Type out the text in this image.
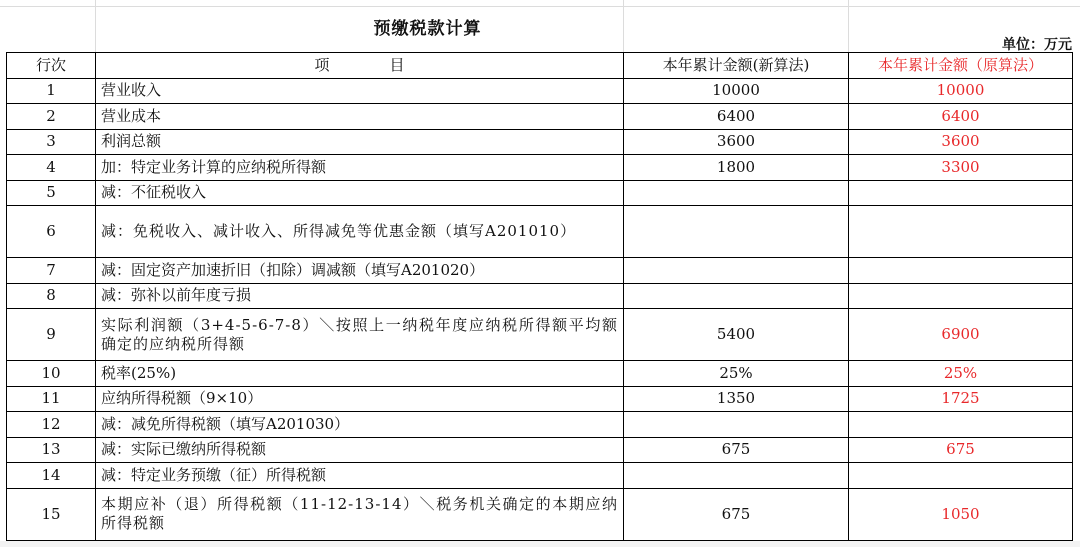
预缴税款计算
单位：万元
行次	项　　　　目	本年累计金额(新算法)	本年累计金额（原算法）
1	营业收入	10000	10000
2	营业成本	6400	6400
3	利润总额	3600	3600
4	加：特定业务计算的应纳税所得额	1800	3300
5	减：不征税收入		
6	减：免税收入、减计收入、所得减免等优惠金额（填写A201010）		
7	减：固定资产加速折旧（扣除）调减额（填写A201020）		
8	减：弥补以前年度亏损		
9	实际利润额（3+4-5-6-7-8）＼按照上一纳税年度应纳税所得额平均额确定的应纳税所得额	5400	6900
10	税率(25%)	25%	25%
11	应纳所得税额（9×10）	1350	1725
12	减：减免所得税额（填写A201030）		
13	减：实际已缴纳所得税额	675	675
14	减：特定业务预缴（征）所得税额		
15	本期应补（退）所得税额（11-12-13-14）＼税务机关确定的本期应纳所得税额	675	1050
